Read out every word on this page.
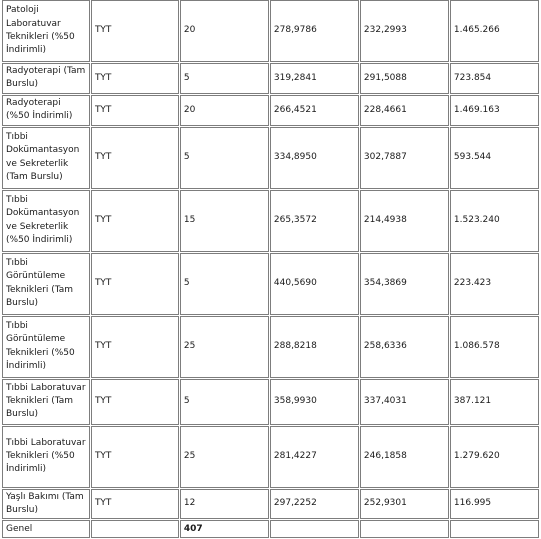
Patoloji Laboratuvar Teknikleri (%50 İndirimli)	TYT	20	278,9786	232,2993	1.465.266
Radyoterapi (Tam Burslu)	TYT	5	319,2841	291,5088	723.854
Radyoterapi (%50 İndirimli)	TYT	20	266,4521	228,4661	1.469.163
Tıbbi Dokümantasyon ve Sekreterlik (Tam Burslu)	TYT	5	334,8950	302,7887	593.544
Tıbbi Dokümantasyon ve Sekreterlik (%50 İndirimli)	TYT	15	265,3572	214,4938	1.523.240
Tıbbi Görüntüleme Teknikleri (Tam Burslu)	TYT	5	440,5690	354,3869	223.423
Tıbbi Görüntüleme Teknikleri (%50 İndirimli)	TYT	25	288,8218	258,6336	1.086.578
Tıbbi Laboratuvar Teknikleri (Tam Burslu)	TYT	5	358,9930	337,4031	387.121
Tıbbi Laboratuvar Teknikleri (%50 İndirimli)	TYT	25	281,4227	246,1858	1.279.620
Yaşlı Bakımı (Tam Burslu)	TYT	12	297,2252	252,9301	116.995
Genel		407			
